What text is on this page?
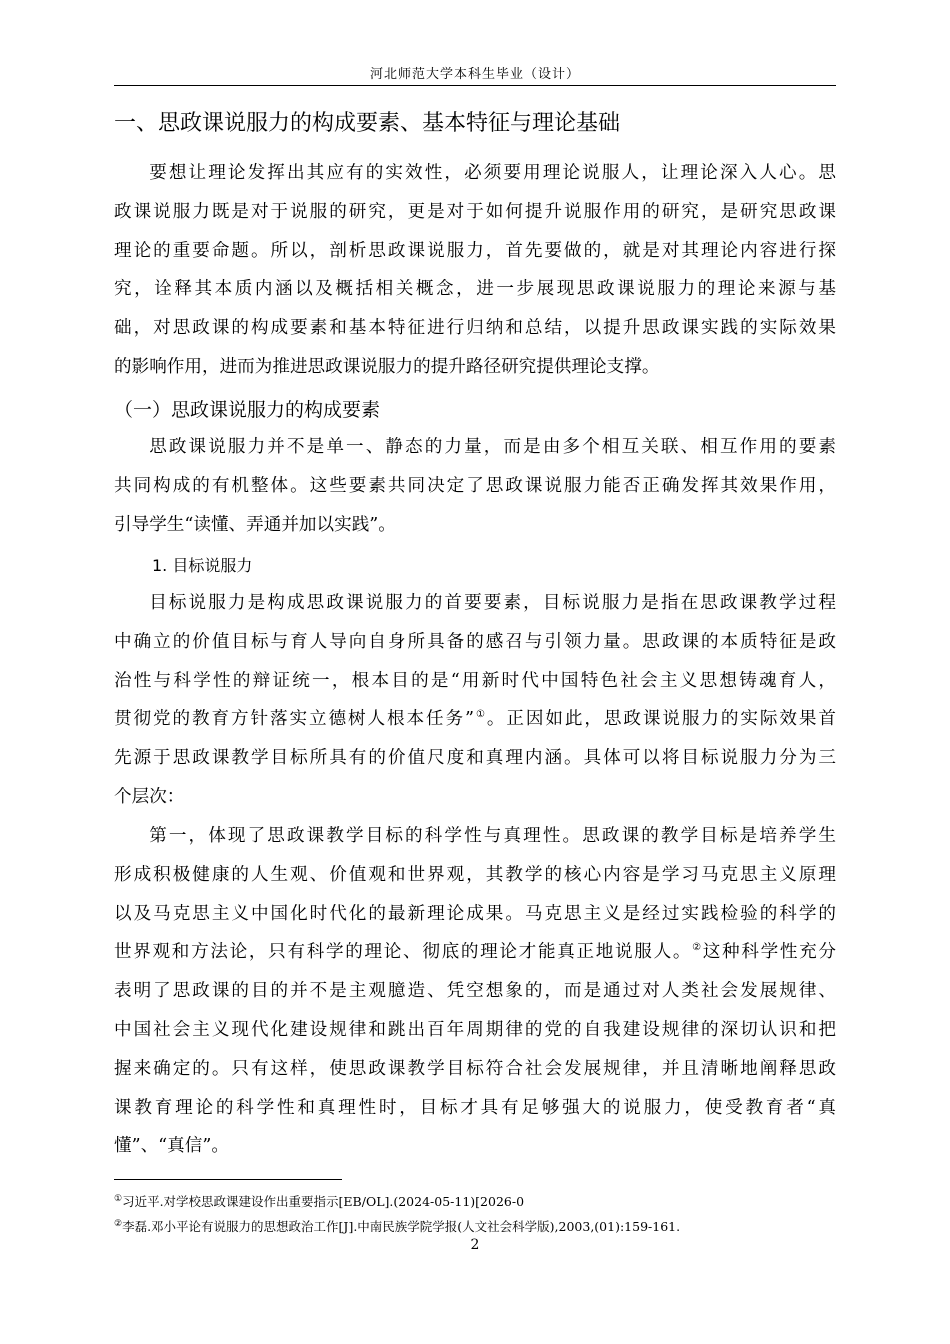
河北师范大学本科生毕业（设计）
一、思政课说服力的构成要素、基本特征与理论基础
要想让理论发挥出其应有的实效性，必须要用理论说服人，让理论深入人心。思
政课说服力既是对于说服的研究，更是对于如何提升说服作用的研究，是研究思政课
理论的重要命题。所以，剖析思政课说服力，首先要做的，就是对其理论内容进行探
究，诠释其本质内涵以及概括相关概念，进一步展现思政课说服力的理论来源与基
础，对思政课的构成要素和基本特征进行归纳和总结，以提升思政课实践的实际效果
的影响作用，进而为推进思政课说服力的提升路径研究提供理论支撑。
（一）思政课说服力的构成要素
思政课说服力并不是单一、静态的力量，而是由多个相互关联、相互作用的要素
共同构成的有机整体。这些要素共同决定了思政课说服力能否正确发挥其效果作用，
引导学生“读懂、弄通并加以实践”。
1. 目标说服力
目标说服力是构成思政课说服力的首要要素，目标说服力是指在思政课教学过程
中确立的价值目标与育人导向自身所具备的感召与引领力量。思政课的本质特征是政
治性与科学性的辩证统一，根本目的是“用新时代中国特色社会主义思想铸魂育人，
贯彻党的教育方针落实立德树人根本任务”①。正因如此，思政课说服力的实际效果首
先源于思政课教学目标所具有的价值尺度和真理内涵。具体可以将目标说服力分为三
个层次：
第一，体现了思政课教学目标的科学性与真理性。思政课的教学目标是培养学生
形成积极健康的人生观、价值观和世界观，其教学的核心内容是学习马克思主义原理
以及马克思主义中国化时代化的最新理论成果。马克思主义是经过实践检验的科学的
世界观和方法论，只有科学的理论、彻底的理论才能真正地说服人。②这种科学性充分
表明了思政课的目的并不是主观臆造、凭空想象的，而是通过对人类社会发展规律、
中国社会主义现代化建设规律和跳出百年周期律的党的自我建设规律的深切认识和把
握来确定的。只有这样，使思政课教学目标符合社会发展规律，并且清晰地阐释思政
课教育理论的科学性和真理性时，目标才具有足够强大的说服力，使受教育者“真
懂”、“真信”。
①习近平.对学校思政课建设作出重要指示[EB/OL].(2024-05-11)[2026-0
②李磊.邓小平论有说服力的思想政治工作[J].中南民族学院学报(人文社会科学版),2003,(01):159-161.
2
